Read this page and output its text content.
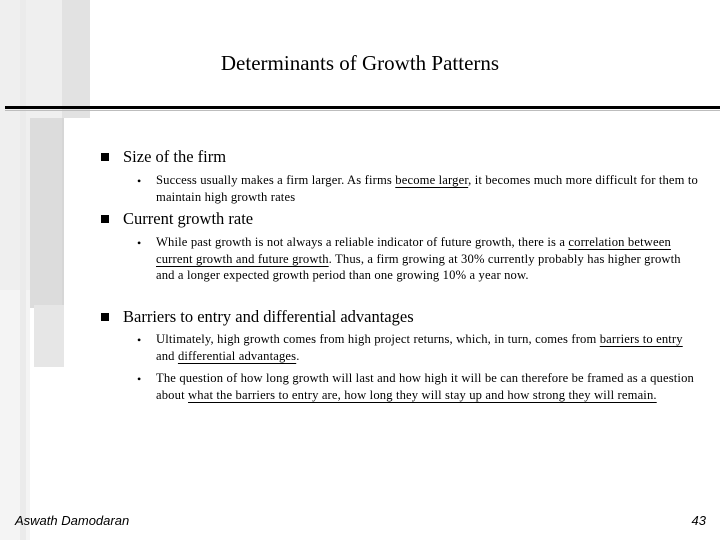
Determinants of Growth Patterns
Size of the firm
• Success usually makes a firm larger. As firms become larger, it becomes much more difficult for them to maintain high growth rates
Current growth rate
• While past growth is not always a reliable indicator of future growth, there is a correlation between current growth and future growth. Thus, a firm growing at 30% currently probably has higher growth and a longer expected growth period than one growing 10% a year now.
Barriers to entry and differential advantages
• Ultimately, high growth comes from high project returns, which, in turn, comes from barriers to entry and differential advantages.
• The question of how long growth will last and how high it will be can therefore be framed as a question about what the barriers to entry are, how long they will stay up and how strong they will remain.
Aswath Damodaran	43
